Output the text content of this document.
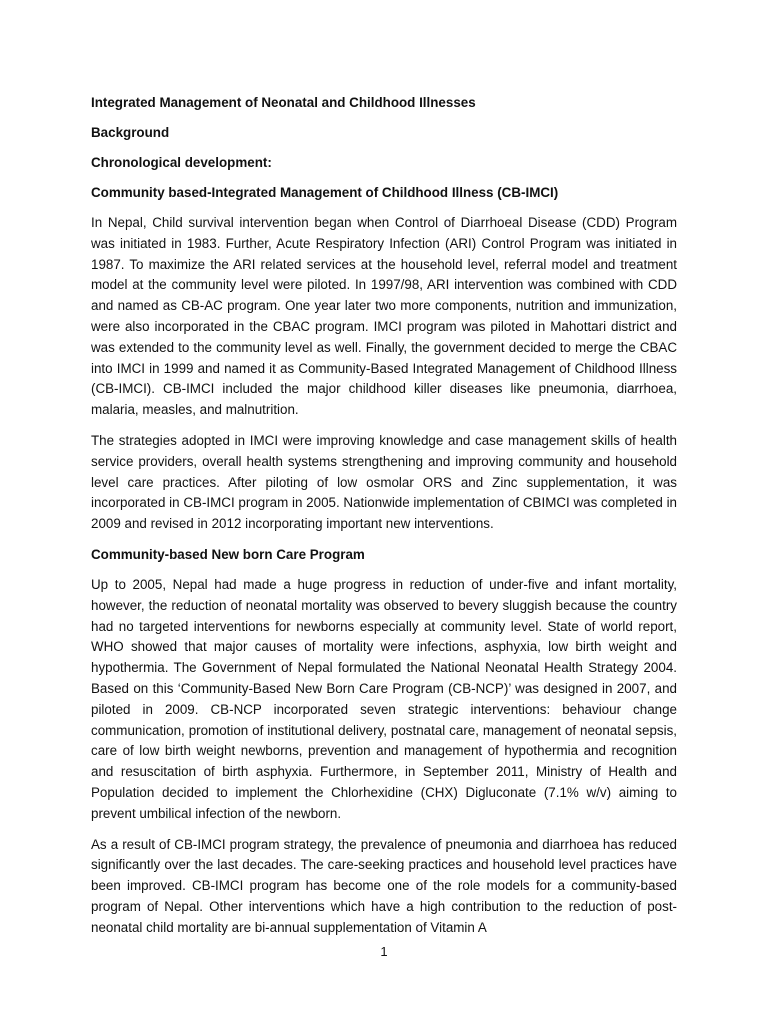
Integrated Management of Neonatal and Childhood Illnesses
Background
Chronological development:
Community based-Integrated Management of Childhood Illness (CB-IMCI)

In Nepal, Child survival intervention began when Control of Diarrhoeal Disease (CDD) Program was initiated in 1983. Further, Acute Respiratory Infection (ARI) Control Program was initiated in 1987. To maximize the ARI related services at the household level, referral model and treatment model at the community level were piloted. In 1997/98, ARI intervention was combined with CDD and named as CB-AC program. One year later two more components, nutrition and immunization, were also incorporated in the CBAC program. IMCI program was piloted in Mahottari district and was extended to the community level as well. Finally, the government decided to merge the CBAC into IMCI in 1999 and named it as Community-Based Integrated Management of Childhood Illness (CB-IMCI). CB-IMCI included the major childhood killer diseases like pneumonia, diarrhoea, malaria, measles, and malnutrition.

The strategies adopted in IMCI were improving knowledge and case management skills of health service providers, overall health systems strengthening and improving community and household level care practices. After piloting of low osmolar ORS and Zinc supplementation, it was incorporated in CB-IMCI program in 2005. Nationwide implementation of CBIMCI was completed in 2009 and revised in 2012 incorporating important new interventions.

Community-based New born Care Program

Up to 2005, Nepal had made a huge progress in reduction of under-five and infant mortality, however, the reduction of neonatal mortality was observed to bevery sluggish because the country had no targeted interventions for newborns especially at community level. State of world report, WHO showed that major causes of mortality were infections, asphyxia, low birth weight and hypothermia. The Government of Nepal formulated the National Neonatal Health Strategy 2004. Based on this ‘Community-Based New Born Care Program (CB-NCP)’ was designed in 2007, and piloted in 2009. CB-NCP incorporated seven strategic interventions: behaviour change communication, promotion of institutional delivery, postnatal care, management of neonatal sepsis, care of low birth weight newborns, prevention and management of hypothermia and recognition and resuscitation of birth asphyxia. Furthermore, in September 2011, Ministry of Health and Population decided to implement the Chlorhexidine (CHX) Digluconate (7.1% w/v) aiming to prevent umbilical infection of the newborn.

As a result of CB-IMCI program strategy, the prevalence of pneumonia and diarrhoea has reduced significantly over the last decades. The care-seeking practices and household level practices have been improved. CB-IMCI program has become one of the role models for a community-based program of Nepal. Other interventions which have a high contribution to the reduction of post-neonatal child mortality are bi-annual supplementation of Vitamin A

1
